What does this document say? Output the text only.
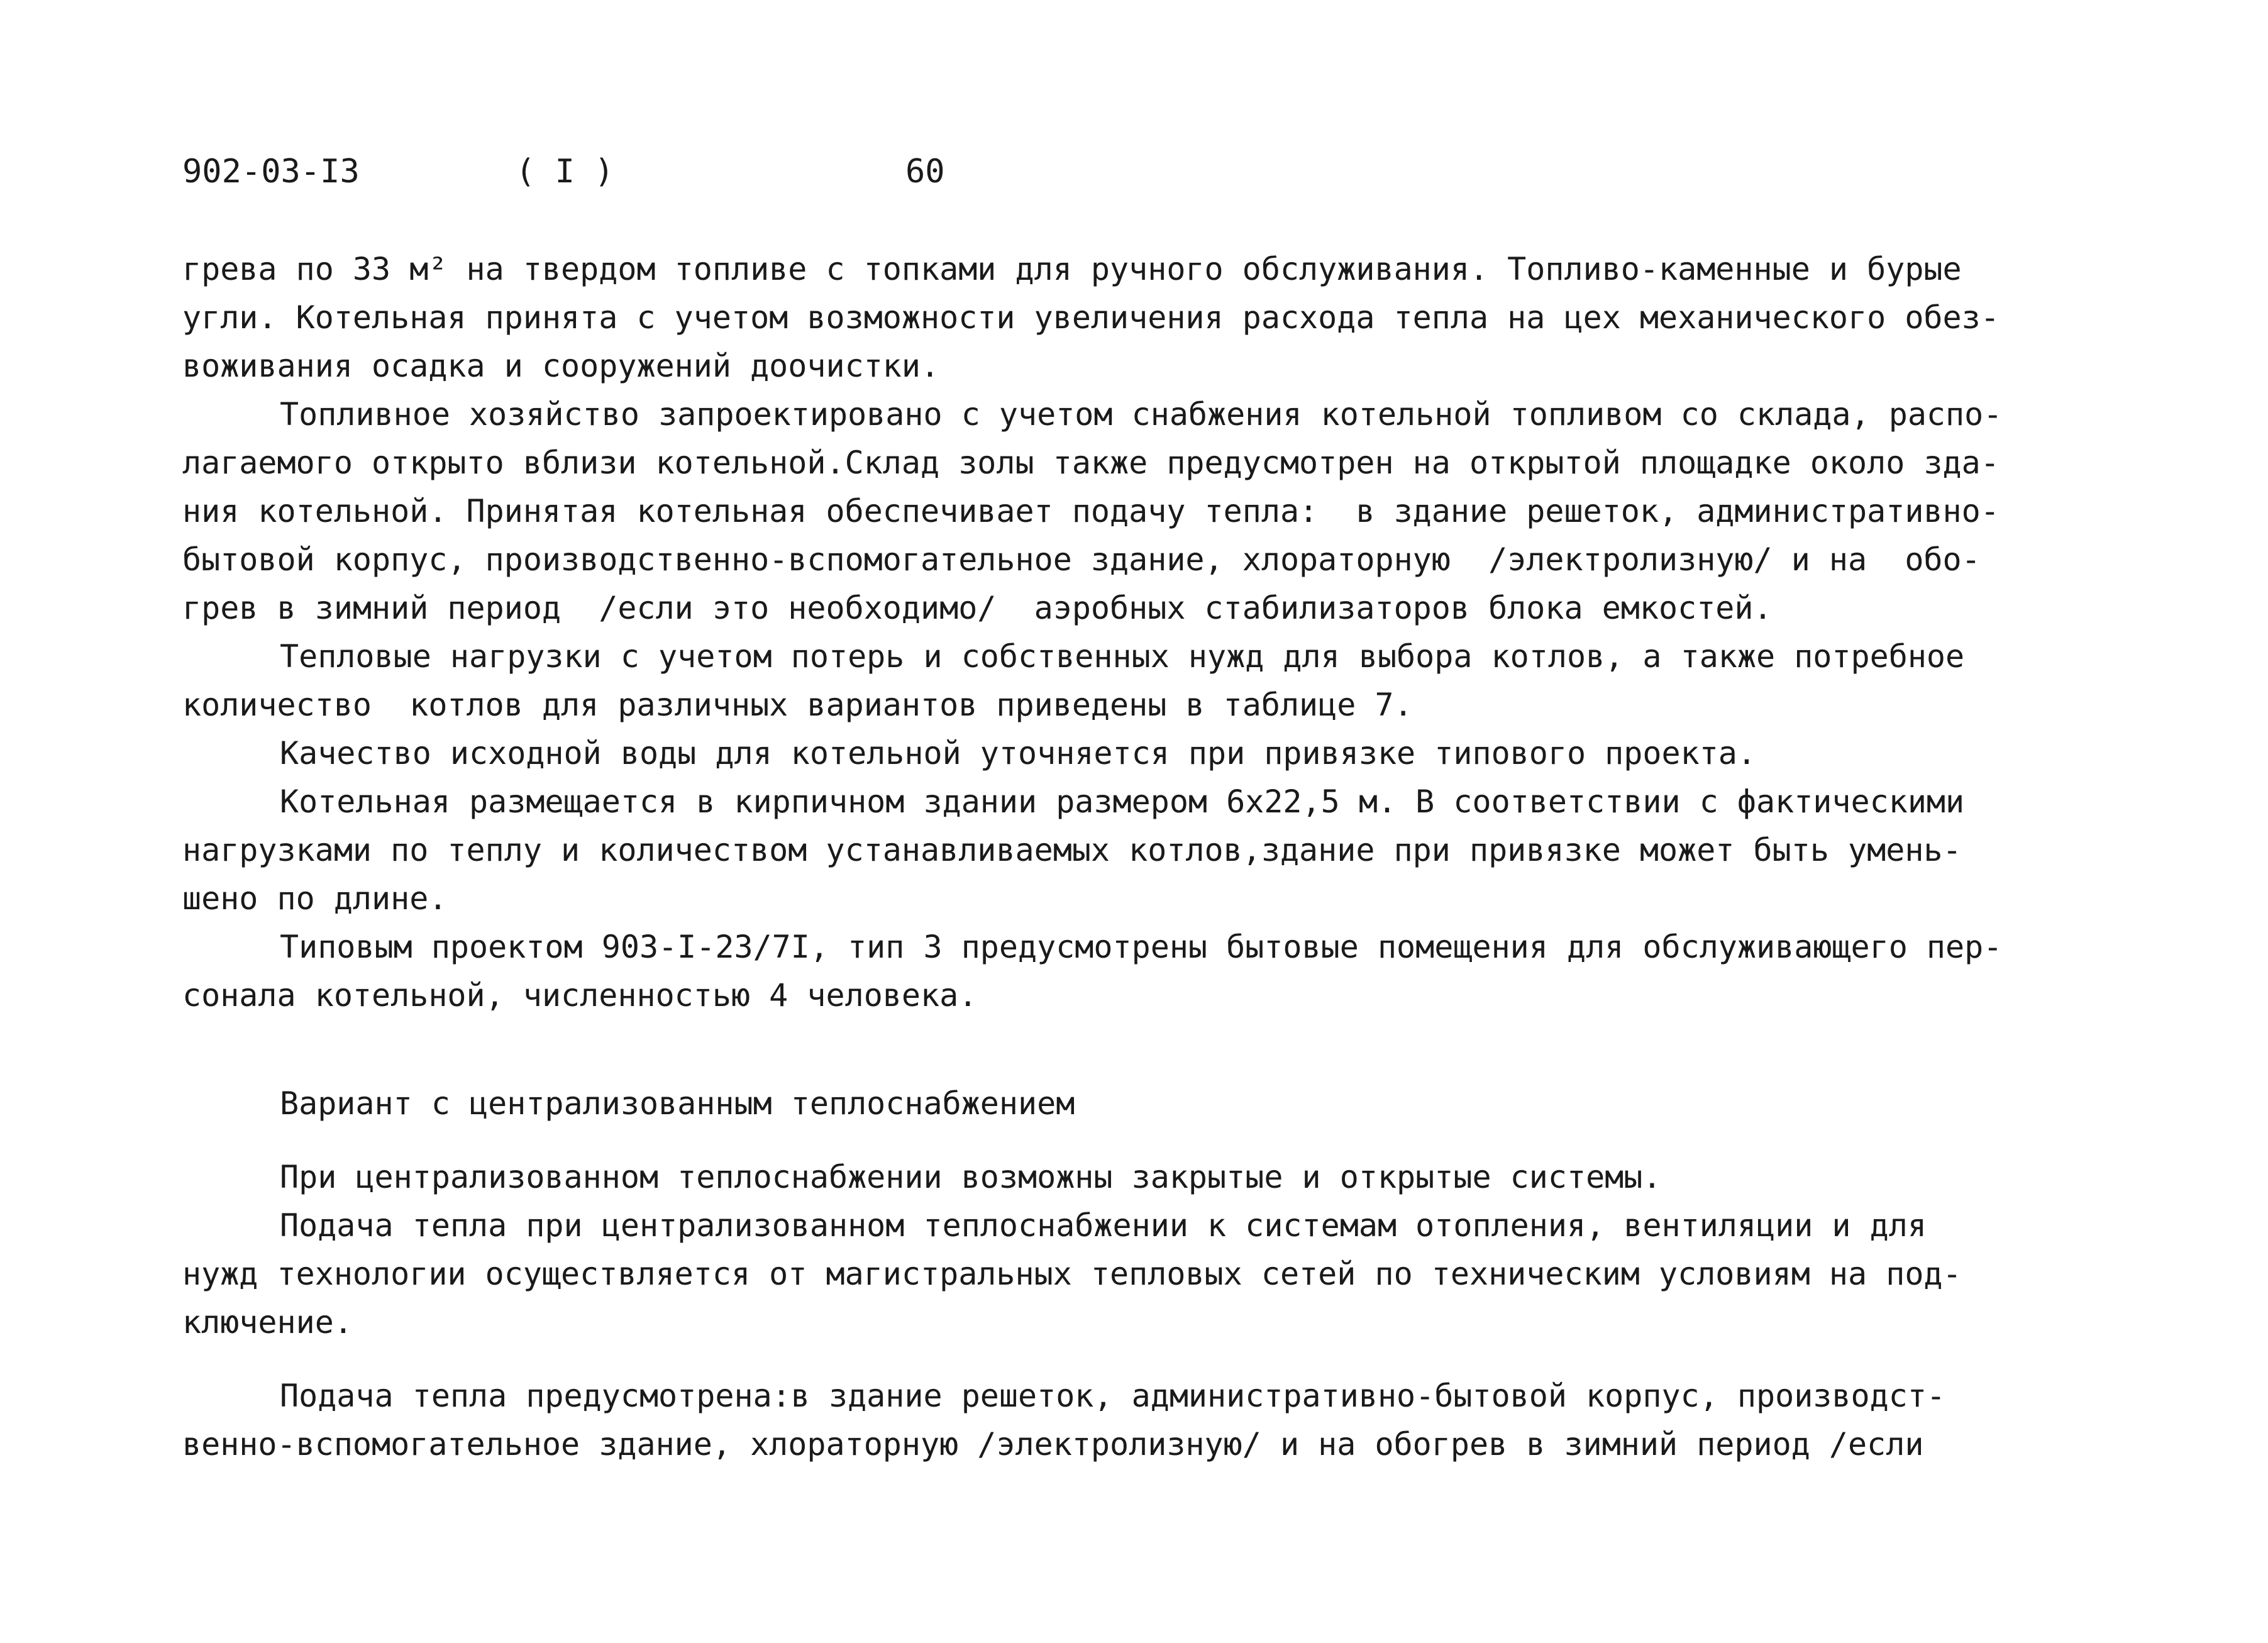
902-03-I3	( I )	60
грева по 33 м² на твердом топливе с топками для ручного обслуживания. Топливо-каменные и бурые
угли. Котельная принята с учетом возможности увеличения расхода тепла на цех механического обез-
воживания осадка и сооружений доочистки.
Топливное хозяйство запроектировано с учетом снабжения котельной топливом со склада, распо-
лагаемого открыто вблизи котельной.Склад золы также предусмотрен на открытой площадке около зда-
ния котельной. Принятая котельная обеспечивает подачу тепла:  в здание решеток, административно-
бытовой корпус, производственно-вспомогательное здание, хлораторную  /электролизную/ и на  обо-
грев в зимний период  /если это необходимо/  аэробных стабилизаторов блока емкостей.
Тепловые нагрузки с учетом потерь и собственных нужд для выбора котлов, а также потребное
количество  котлов для различных вариантов приведены в таблице 7.
Качество исходной воды для котельной уточняется при привязке типового проекта.
Котельная размещается в кирпичном здании размером 6х22,5 м. В соответствии с фактическими
нагрузками по теплу и количеством устанавливаемых котлов,здание при привязке может быть умень-
шено по длине.
Типовым проектом 903-I-23/7I, тип 3 предусмотрены бытовые помещения для обслуживающего пер-
сонала котельной, численностью 4 человека.
Вариант с централизованным теплоснабжением
При централизованном теплоснабжении возможны закрытые и открытые системы.
Подача тепла при централизованном теплоснабжении к системам отопления, вентиляции и для
нужд технологии осуществляется от магистральных тепловых сетей по техническим условиям на под-
ключение.
Подача тепла предусмотрена:в здание решеток, административно-бытовой корпус, производст-
венно-вспомогательное здание, хлораторную /электролизную/ и на обогрев в зимний период /если
